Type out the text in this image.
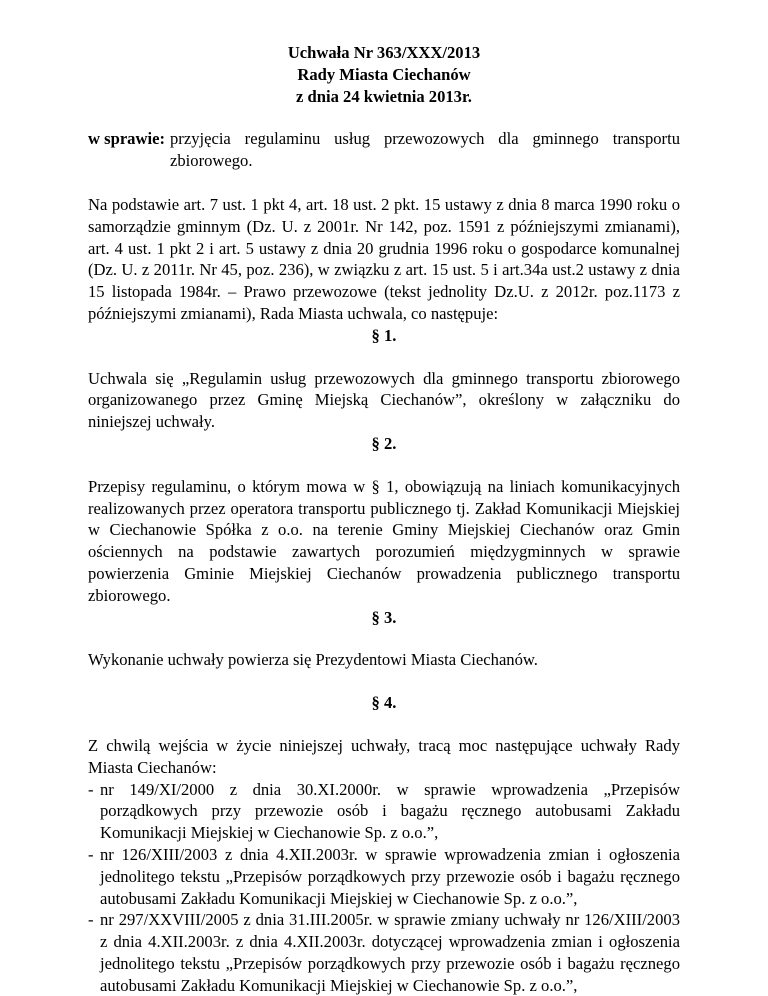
Uchwała Nr 363/XXX/2013
Rady Miasta Ciechanów
z dnia 24 kwietnia 2013r.
w sprawie: przyjęcia regulaminu usług przewozowych dla gminnego transportu zbiorowego.

Na podstawie art. 7 ust. 1 pkt 4, art. 18 ust. 2 pkt. 15 ustawy z dnia 8 marca 1990 roku o samorządzie gminnym (Dz. U. z 2001r. Nr 142, poz. 1591 z późniejszymi zmianami), art. 4 ust. 1 pkt 2 i art. 5 ustawy z dnia 20 grudnia 1996 roku o gospodarce komunalnej (Dz. U. z 2011r. Nr 45, poz. 236), w związku z art. 15 ust. 5 i art.34a ust.2 ustawy z dnia 15 listopada 1984r. – Prawo przewozowe (tekst jednolity Dz.U. z 2012r. poz.1173 z późniejszymi zmianami), Rada Miasta uchwala, co następuje:

§ 1.

Uchwala się „Regulamin usług przewozowych dla gminnego transportu zbiorowego organizowanego przez Gminę Miejską Ciechanów”, określony w załączniku do niniejszej uchwały.

§ 2.

Przepisy regulaminu, o którym mowa w § 1, obowiązują na liniach komunikacyjnych realizowanych przez operatora transportu publicznego tj. Zakład Komunikacji Miejskiej w Ciechanowie Spółka z o.o. na terenie Gminy Miejskiej Ciechanów oraz Gmin ościennych na podstawie zawartych porozumień międzygminnych w sprawie powierzenia Gminie Miejskiej Ciechanów prowadzenia publicznego transportu zbiorowego.

§ 3.

Wykonanie uchwały powierza się Prezydentowi Miasta Ciechanów.

§ 4.

Z chwilą wejścia w życie niniejszej uchwały, tracą moc następujące uchwały Rady Miasta Ciechanów:

- nr 149/XI/2000 z dnia 30.XI.2000r. w sprawie wprowadzenia „Przepisów porządkowych przy przewozie osób i bagażu ręcznego autobusami Zakładu Komunikacji Miejskiej w Ciechanowie Sp. z o.o.”,
- nr 126/XIII/2003 z dnia 4.XII.2003r. w sprawie wprowadzenia zmian i ogłoszenia jednolitego tekstu „Przepisów porządkowych przy przewozie osób i bagażu ręcznego autobusami Zakładu Komunikacji Miejskiej w Ciechanowie Sp. z o.o.”,
- nr 297/XXVIII/2005 z dnia 31.III.2005r. w sprawie zmiany uchwały nr 126/XIII/2003 z dnia 4.XII.2003r. z dnia 4.XII.2003r. dotyczącej wprowadzenia zmian i ogłoszenia jednolitego tekstu „Przepisów porządkowych przy przewozie osób i bagażu ręcznego autobusami Zakładu Komunikacji Miejskiej w Ciechanowie Sp. z o.o.”,
